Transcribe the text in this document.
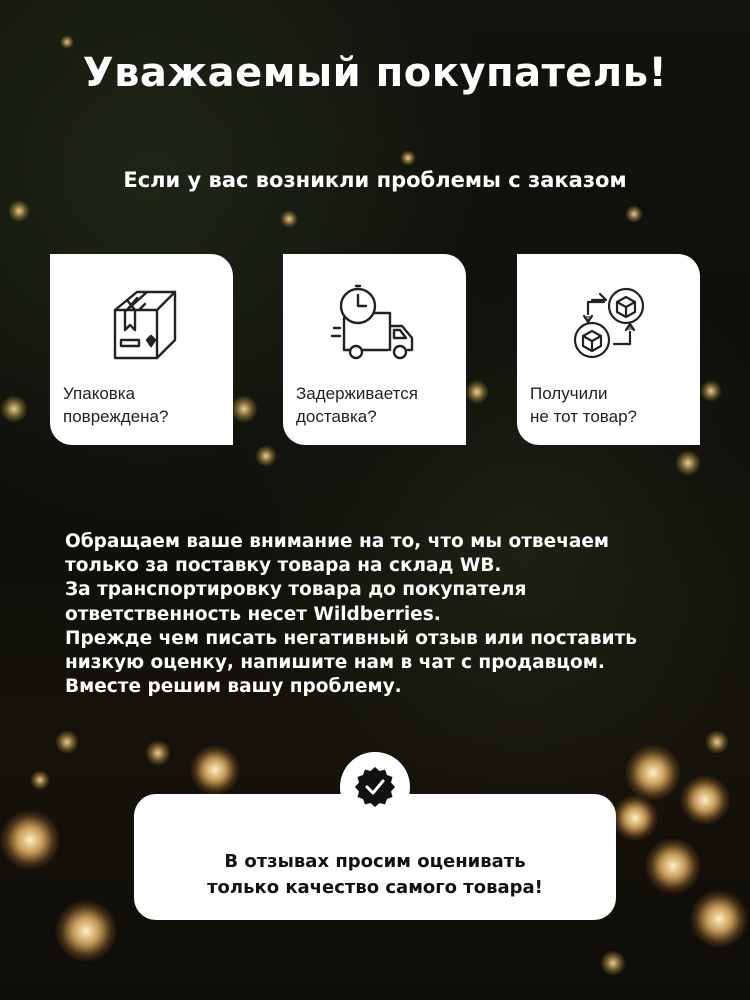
Уважаемый покупатель!
Если у вас возникли проблемы с заказом
Упаковка
повреждена?
Задерживается
доставка?
Получили
не тот товар?
Обращаем ваше внимание на то, что мы отвечаем
только за поставку товара на склад WB.
За транспортировку товара до покупателя
ответственность несет Wildberries.
Прежде чем писать негативный отзыв или поставить
низкую оценку, напишите нам в чат с продавцом.
Вместе решим вашу проблему.
В отзывах просим оценивать
только качество самого товара!
